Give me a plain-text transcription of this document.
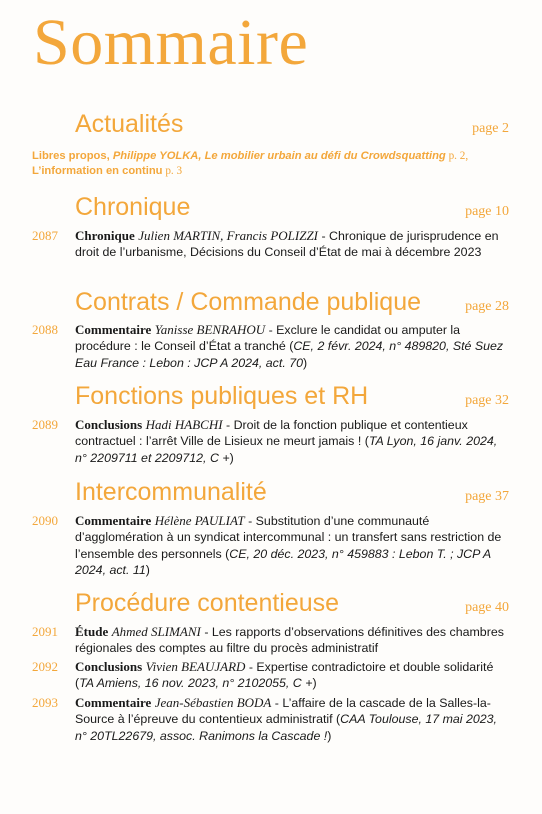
Sommaire
Actualités	page 2
Libres propos, Philippe YOLKA, Le mobilier urbain au défi du Crowdsquatting p. 2,
L’information en continu p. 3
Chronique	page 10
2087 Chronique Julien MARTIN, Francis POLIZZI - Chronique de jurisprudence en droit de l’urbanisme, Décisions du Conseil d’État de mai à décembre 2023
Contrats / Commande publique	page 28
2088 Commentaire Yanisse BENRAHOU - Exclure le candidat ou amputer la procédure : le Conseil d’État a tranché (CE, 2 févr. 2024, n° 489820, Sté Suez Eau France : Lebon : JCP A 2024, act. 70)
Fonctions publiques et RH	page 32
2089 Conclusions Hadi HABCHI - Droit de la fonction publique et contentieux contractuel : l’arrêt Ville de Lisieux ne meurt jamais ! (TA Lyon, 16 janv. 2024, n° 2209711 et 2209712, C +)
Intercommunalité	page 37
2090 Commentaire Hélène PAULIAT - Substitution d’une communauté d’agglomération à un syndicat intercommunal : un transfert sans restriction de l’ensemble des personnels (CE, 20 déc. 2023, n° 459883 : Lebon T. ; JCP A 2024, act. 11)
Procédure contentieuse	page 40
2091 Étude Ahmed SLIMANI - Les rapports d’observations définitives des chambres régionales des comptes au filtre du procès administratif
2092 Conclusions Vivien BEAUJARD - Expertise contradictoire et double solidarité (TA Amiens, 16 nov. 2023, n° 2102055, C +)
2093 Commentaire Jean-Sébastien BODA - L’affaire de la cascade de la Salles-la-Source à l’épreuve du contentieux administratif (CAA Toulouse, 17 mai 2023, n° 20TL22679, assoc. Ranimons la Cascade !)
